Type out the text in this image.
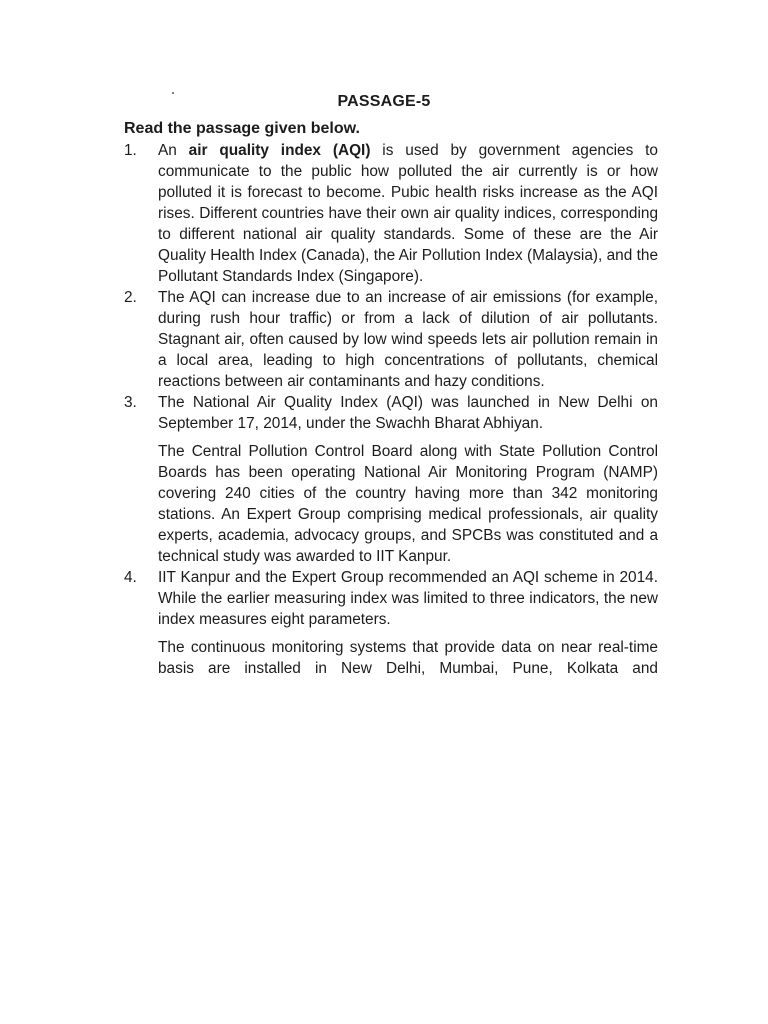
PASSAGE-5
Read the passage given below.
1. An air quality index (AQI) is used by government agencies to communicate to the public how polluted the air currently is or how polluted it is forecast to become. Pubic health risks increase as the AQI rises. Different countries have their own air quality indices, corresponding to different national air quality standards. Some of these are the Air Quality Health Index (Canada), the Air Pollution Index (Malaysia), and the Pollutant Standards Index (Singapore).
2. The AQI can increase due to an increase of air emissions (for example, during rush hour traffic) or from a lack of dilution of air pollutants. Stagnant air, often caused by low wind speeds lets air pollution remain in a local area, leading to high concentrations of pollutants, chemical reactions between air contaminants and hazy conditions.
3. The National Air Quality Index (AQI) was launched in New Delhi on September 17, 2014, under the Swachh Bharat Abhiyan.
The Central Pollution Control Board along with State Pollution Control Boards has been operating National Air Monitoring Program (NAMP) covering 240 cities of the country having more than 342 monitoring stations. An Expert Group comprising medical professionals, air quality experts, academia, advocacy groups, and SPCBs was constituted and a technical study was awarded to IIT Kanpur.
4. IIT Kanpur and the Expert Group recommended an AQI scheme in 2014. While the earlier measuring index was limited to three indicators, the new index measures eight parameters.
The continuous monitoring systems that provide data on near real-time basis are installed in New Delhi, Mumbai, Pune, Kolkata and
